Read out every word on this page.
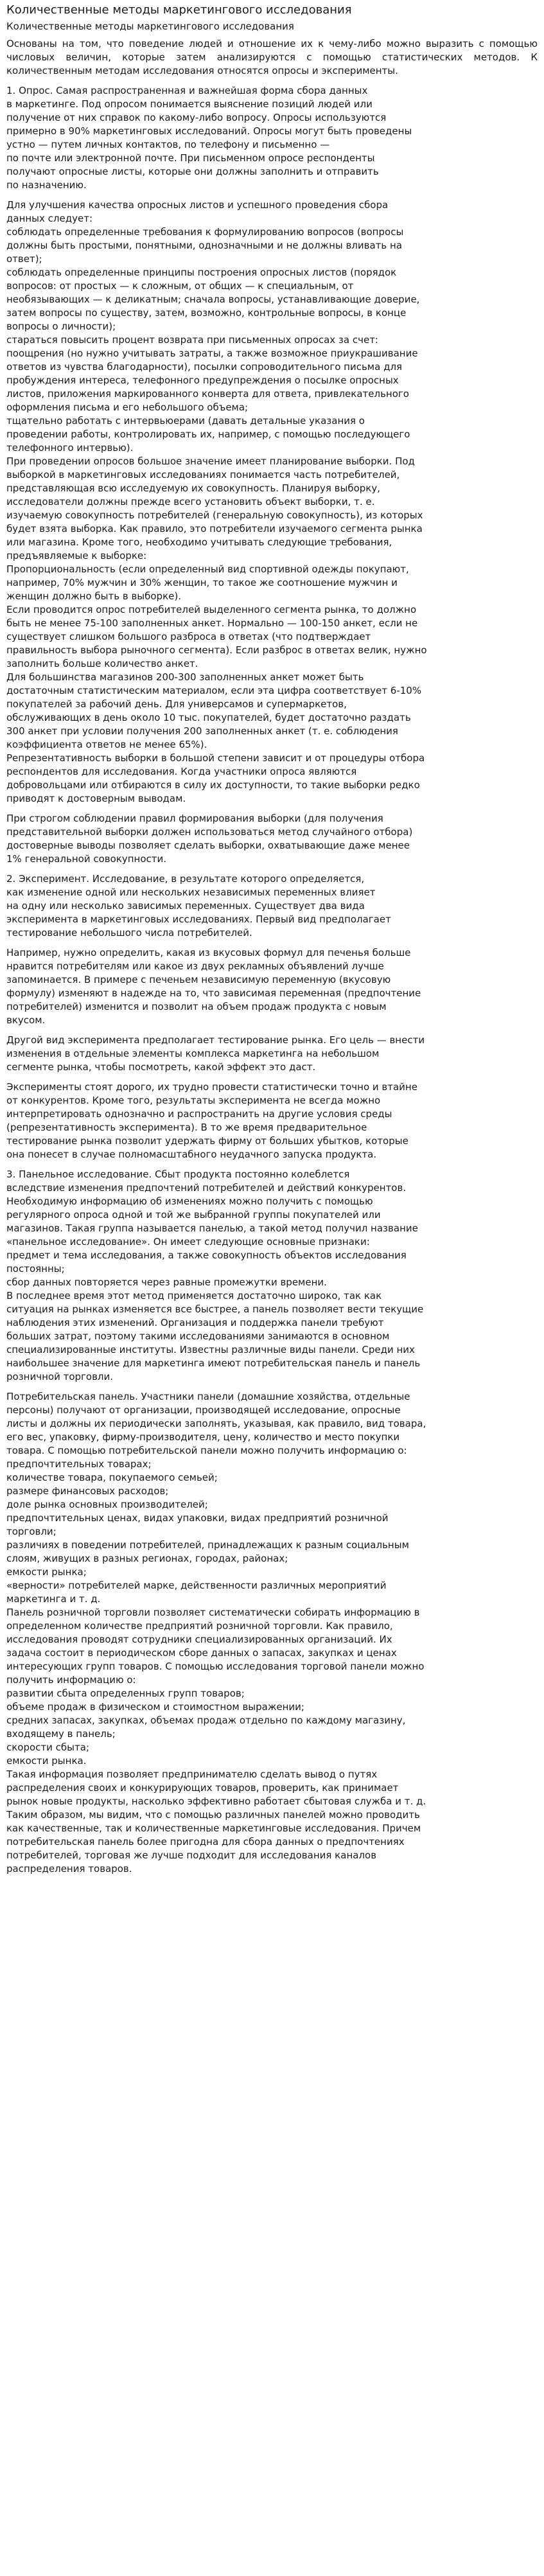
Количественные методы маркетингового исследования
Количественные методы маркетингового исследования

Основаны на том, что поведение людей и отношение их к чему-либо можно выразить с помощью числовых величин, которые затем анализируются с помощью статистических методов. К количественным методам исследования относятся опросы и эксперименты.

1. Опрос. Самая распространенная и важнейшая форма сбора данных
в маркетинге. Под опросом понимается выяснение позиций людей или
получение от них справок по какому-либо вопросу. Опросы используются
примерно в 90% маркетинговых исследований. Опросы могут быть проведены
устно — путем личных контактов, по телефону и письменно —
по почте или электронной почте. При письменном опросе респонденты
получают опросные листы, которые они должны заполнить и отправить
по назначению.

Для улучшения качества опросных листов и успешного проведения сбора
данных следует:
соблюдать определенные требования к формулированию вопросов (вопросы
должны быть простыми, понятными, однозначными и не должны вливать на
ответ);
соблюдать определенные принципы построения опросных листов (порядок
вопросов: от простых — к сложным, от общих — к специальным, от
необязывающих — к деликатным; сначала вопросы, устанавливающие доверие,
затем вопросы по существу, затем, возможно, контрольные вопросы, в конце
вопросы о личности);
стараться повысить процент возврата при письменных опросах за счет:
поощрения (но нужно учитывать затраты, а также возможное приукрашивание
ответов из чувства благодарности), посылки сопроводительного письма для
пробуждения интереса, телефонного предупреждения о посылке опросных
листов, приложения маркированного конверта для ответа, привлекательного
оформления письма и его небольшого объема;
тщательно работать с интервьюерами (давать детальные указания о
проведении работы, контролировать их, например, с помощью последующего
телефонного интервью).
При проведении опросов большое значение имеет планирование выборки. Под
выборкой в маркетинговых исследованиях понимается часть потребителей,
представляющая всю исследуемую их совокупность. Планируя выборку,
исследователи должны прежде всего установить объект выборки, т. е.
изучаемую совокупность потребителей (генеральную совокупность), из которых
будет взята выборка. Как правило, это потребители изучаемого сегмента рынка
или магазина. Кроме того, необходимо учитывать следующие требования,
предъявляемые к выборке:
Пропорциональность (если определенный вид спортивной одежды покупают,
например, 70% мужчин и 30% женщин, то такое же соотношение мужчин и
женщин должно быть в выборке).
Если проводится опрос потребителей выделенного сегмента рынка, то должно
быть не менее 75-100 заполненных анкет. Нормально — 100-150 анкет, если не
существует слишком большого разброса в ответах (что подтверждает
правильность выбора рыночного сегмента). Если разброс в ответах велик, нужно
заполнить больше количество анкет.
Для большинства магазинов 200-300 заполненных анкет может быть
достаточным статистическим материалом, если эта цифра соответствует 6-10%
покупателей за рабочий день. Для универсамов и супермаркетов,
обслуживающих в день около 10 тыс. покупателей, будет достаточно раздать
300 анкет при условии получения 200 заполненных анкет (т. е. соблюдения
коэффициента ответов не менее 65%).
Репрезентативность выборки в большой степени зависит и от процедуры отбора
респондентов для исследования. Когда участники опроса являются
добровольцами или отбираются в силу их доступности, то такие выборки редко
приводят к достоверным выводам.

При строгом соблюдении правил формирования выборки (для получения
представительной выборки должен использоваться метод случайного отбора)
достоверные выводы позволяет сделать выборки, охватывающие даже менее
1% генеральной совокупности.

2. Эксперимент. Исследование, в результате которого определяется,
как изменение одной или нескольких независимых переменных влияет
на одну или несколько зависимых переменных. Существует два вида
эксперимента в маркетинговых исследованиях. Первый вид предполагает
тестирование небольшого числа потребителей.

Например, нужно определить, какая из вкусовых формул для печенья больше
нравится потребителям или какое из двух рекламных объявлений лучше
запоминается. В примере с печеньем независимую переменную (вкусовую
формулу) изменяют в надежде на то, что зависимая переменная (предпочтение
потребителей) изменится и позволит на объем продаж продукта с новым
вкусом.

Другой вид эксперимента предполагает тестирование рынка. Его цель — внести
изменения в отдельные элементы комплекса маркетинга на небольшом
сегменте рынка, чтобы посмотреть, какой эффект это даст.

Эксперименты стоят дорого, их трудно провести статистически точно и втайне
от конкурентов. Кроме того, результаты эксперимента не всегда можно
интерпретировать однозначно и распространить на другие условия среды
(репрезентативность эксперимента). В то же время предварительное
тестирование рынка позволит удержать фирму от больших убытков, которые
она понесет в случае полномасштабного неудачного запуска продукта.

3. Панельное исследование. Сбыт продукта постоянно колеблется
вследствие изменения предпочтений потребителей и действий конкурентов.
Необходимую информацию об изменениях можно получить с помощью
регулярного опроса одной и той же выбранной группы покупателей или
магазинов. Такая группа называется панелью, а такой метод получил название
«панельное исследование». Он имеет следующие основные признаки:
предмет и тема исследования, а также совокупность объектов исследования
постоянны;
сбор данных повторяется через равные промежутки времени.
В последнее время этот метод применяется достаточно широко, так как
ситуация на рынках изменяется все быстрее, а панель позволяет вести текущие
наблюдения этих изменений. Организация и поддержка панели требуют
больших затрат, поэтому такими исследованиями занимаются в основном
специализированные институты. Известны различные виды панели. Среди них
наибольшее значение для маркетинга имеют потребительская панель и панель
розничной торговли.

Потребительская панель. Участники панели (домашние хозяйства, отдельные
персоны) получают от организации, производящей исследование, опросные
листы и должны их периодически заполнять, указывая, как правило, вид товара,
его вес, упаковку, фирму-производителя, цену, количество и место покупки
товара. С помощью потребительской панели можно получить информацию о:
предпочтительных товарах;
количестве товара, покупаемого семьей;
размере финансовых расходов;
доле рынка основных производителей;
предпочтительных ценах, видах упаковки, видах предприятий розничной
торговли;
различиях в поведении потребителей, принадлежащих к разным социальным
слоям, живущих в разных регионах, городах, районах;
емкости рынка;
«верности» потребителей марке, действенности различных мероприятий
маркетинга и т. д.
Панель розничной торговли позволяет систематически собирать информацию в
определенном количестве предприятий розничной торговли. Как правило,
исследования проводят сотрудники специализированных организаций. Их
задача состоит в периодическом сборе данных о запасах, закупках и ценах
интересующих групп товаров. С помощью исследования торговой панели можно
получить информацию о:
развитии сбыта определенных групп товаров;
объеме продаж в физическом и стоимостном выражении;
средних запасах, закупках, объемах продаж отдельно по каждому магазину,
входящему в панель;
скорости сбыта;
емкости рынка.
Такая информация позволяет предпринимателю сделать вывод о путях
распределения своих и конкурирующих товаров, проверить, как принимает
рынок новые продукты, насколько эффективно работает сбытовая служба и т. д.
Таким образом, мы видим, что с помощью различных панелей можно проводить
как качественные, так и количественные маркетинговые исследования. Причем
потребительская панель более пригодна для сбора данных о предпочтениях
потребителей, торговая же лучше подходит для исследования каналов
распределения товаров.
